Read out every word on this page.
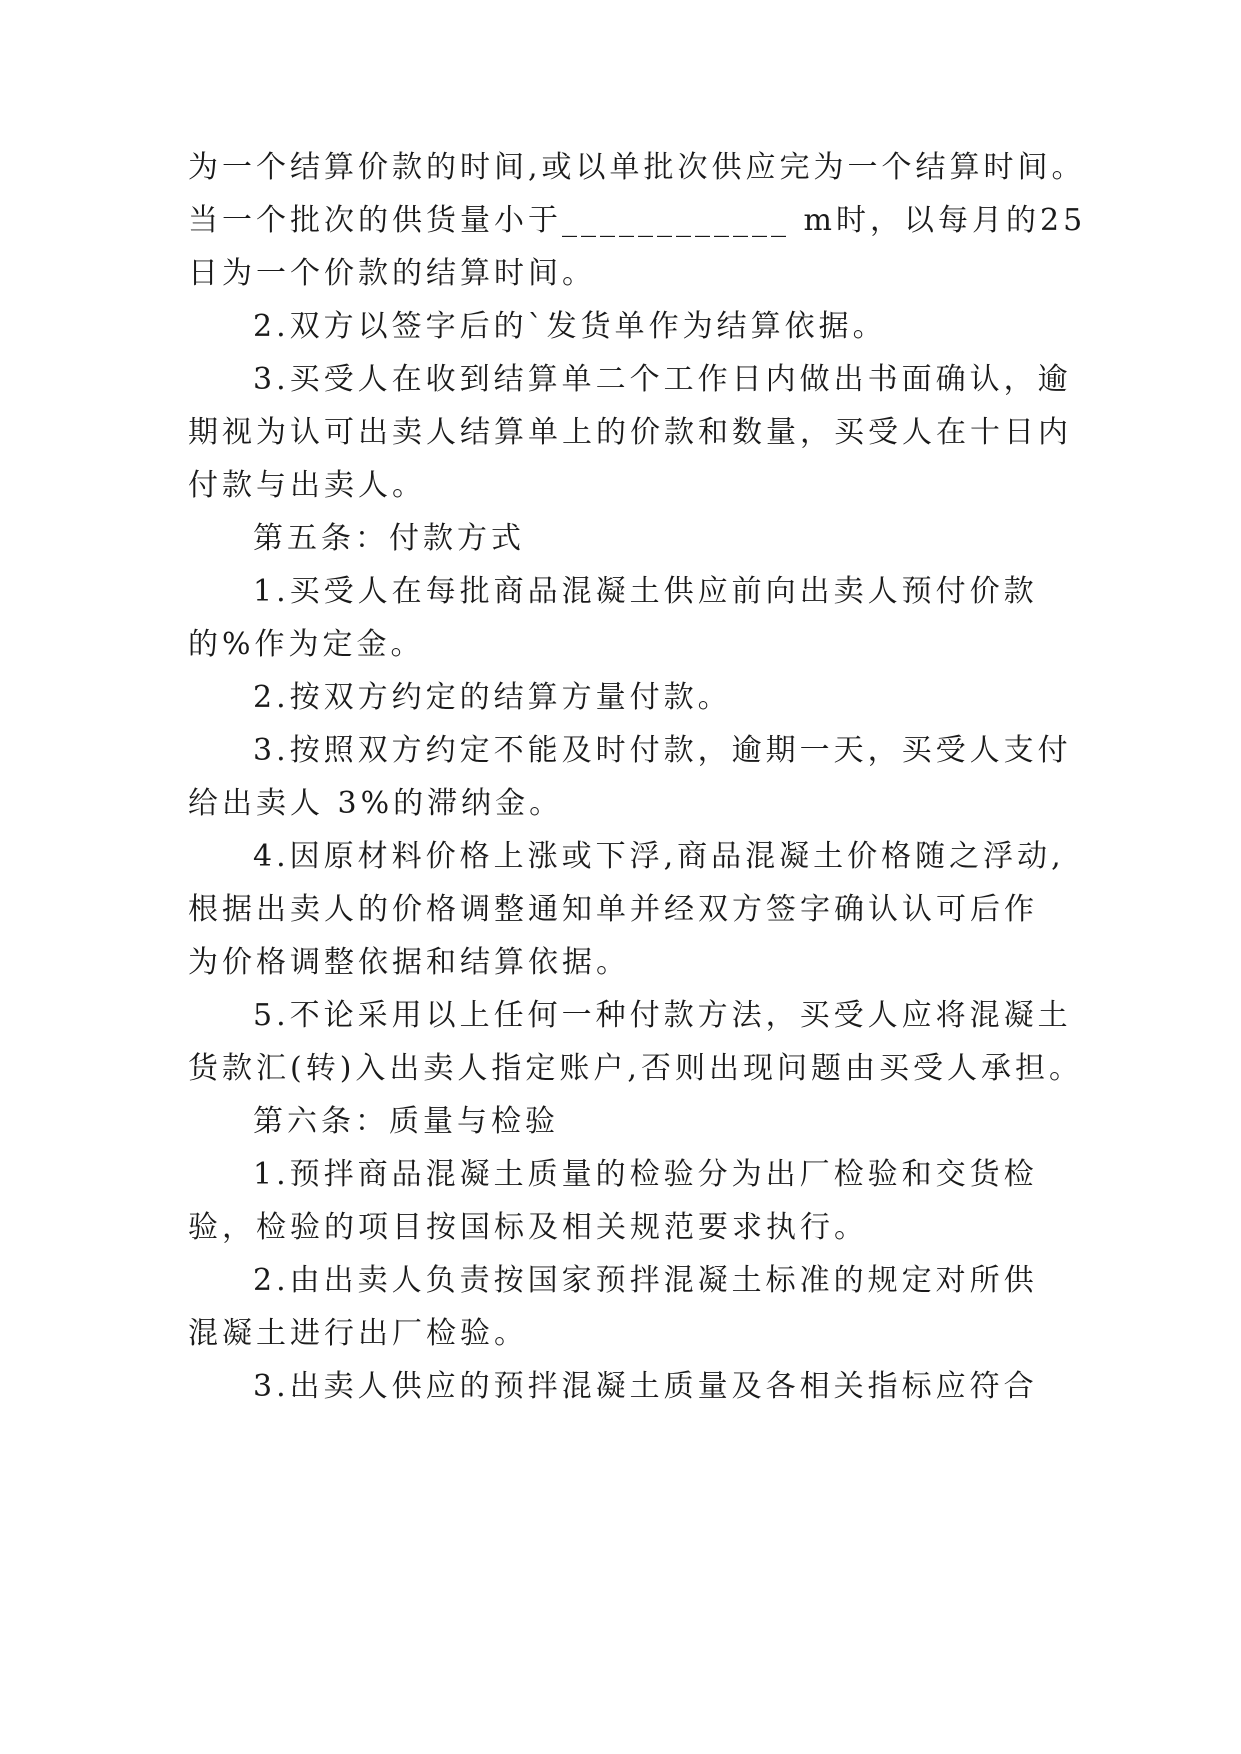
为一个结算价款的时间,或以单批次供应完为一个结算时间。
当一个批次的供货量小于____________ m时，以每月的25
日为一个价款的结算时间。
2.双方以签字后的`发货单作为结算依据。
3.买受人在收到结算单二个工作日内做出书面确认，逾
期视为认可出卖人结算单上的价款和数量，买受人在十日内
付款与出卖人。
第五条：付款方式
1.买受人在每批商品混凝土供应前向出卖人预付价款
的%作为定金。
2.按双方约定的结算方量付款。
3.按照双方约定不能及时付款，逾期一天，买受人支付
给出卖人 3%的滞纳金。
4.因原材料价格上涨或下浮,商品混凝土价格随之浮动,
根据出卖人的价格调整通知单并经双方签字确认认可后作
为价格调整依据和结算依据。
5.不论采用以上任何一种付款方法，买受人应将混凝土
货款汇(转)入出卖人指定账户,否则出现问题由买受人承担。
第六条：质量与检验
1.预拌商品混凝土质量的检验分为出厂检验和交货检
验，检验的项目按国标及相关规范要求执行。
2.由出卖人负责按国家预拌混凝土标准的规定对所供
混凝土进行出厂检验。
3.出卖人供应的预拌混凝土质量及各相关指标应符合
